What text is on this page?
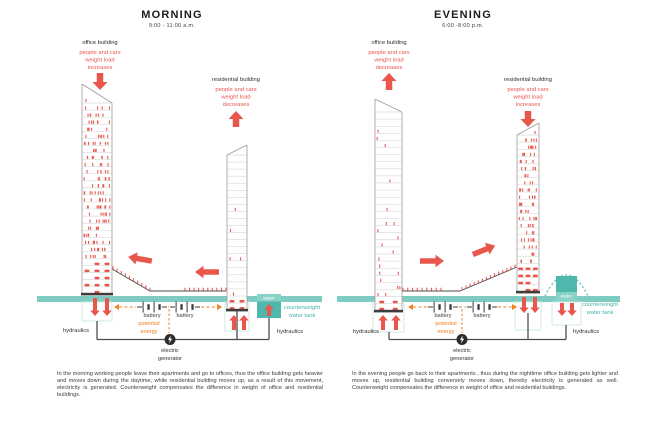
water
battery	battery
potential
energy
electric
generator
hydraulics	hydraulics
counterweight
water tank
office building
people and cars
weight load
increases
residential building
people and cars
weight load
decreases
water
battery	battery
potential
energy
electric
generator
hydraulics	hydraulics
counterweight
water tank
office building
people and cars
weight load
decreases
residential building
people and cars
weight load
increases
MORNING
9:00 - 11:00 a.m.
EVENING
6:00 -8:00 p.m.
In the morning working people leave their apartments and go to offices, thus the office building gets heavier and moves down during the daytime, while residential building moves up, as a result of this movement, electricity is generated. Counterweight compensates the difference in weight of office and residential buildings.
In the evening people go back to their apartments , thus during the nighttime office building gets lighter and moves up, residential building conversely moves down, thereby electricity is generated as well. Counterweight compensates the difference in weight of office and residential buildings.
